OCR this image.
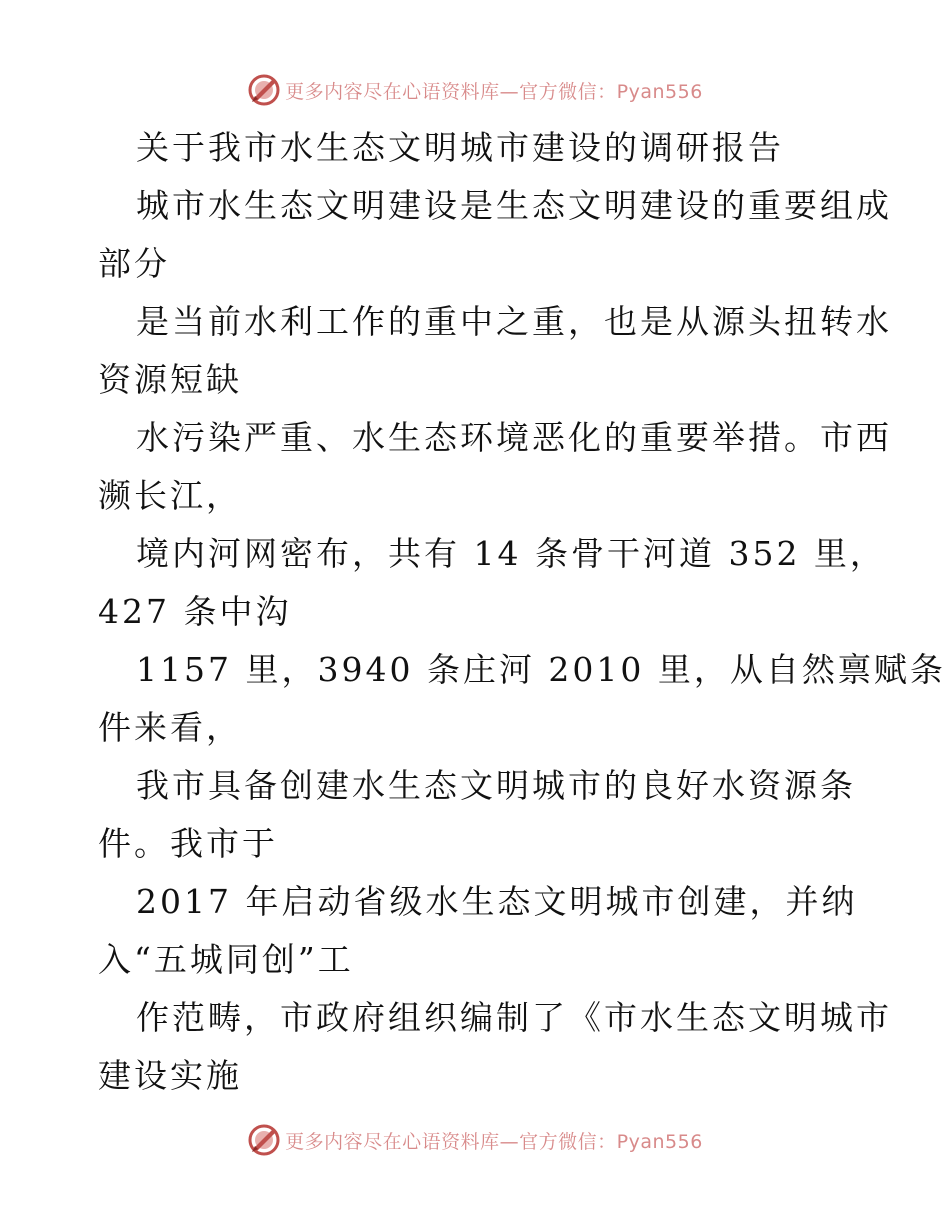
更多内容尽在心语资料库—官方微信：Pyan556
关于我市水生态文明城市建设的调研报告
城市水生态文明建设是生态文明建设的重要组成
部分
是当前水利工作的重中之重，也是从源头扭转水
资源短缺
水污染严重、水生态环境恶化的重要举措。市西
濒长江，
境内河网密布，共有 14 条骨干河道 352 里，
427 条中沟
1157 里，3940 条庄河 2010 里，从自然禀赋条
件来看，
我市具备创建水生态文明城市的良好水资源条
件。我市于
2017 年启动省级水生态文明城市创建，并纳
入“五城同创”工
作范畴，市政府组织编制了《市水生态文明城市
建设实施
更多内容尽在心语资料库—官方微信：Pyan556
